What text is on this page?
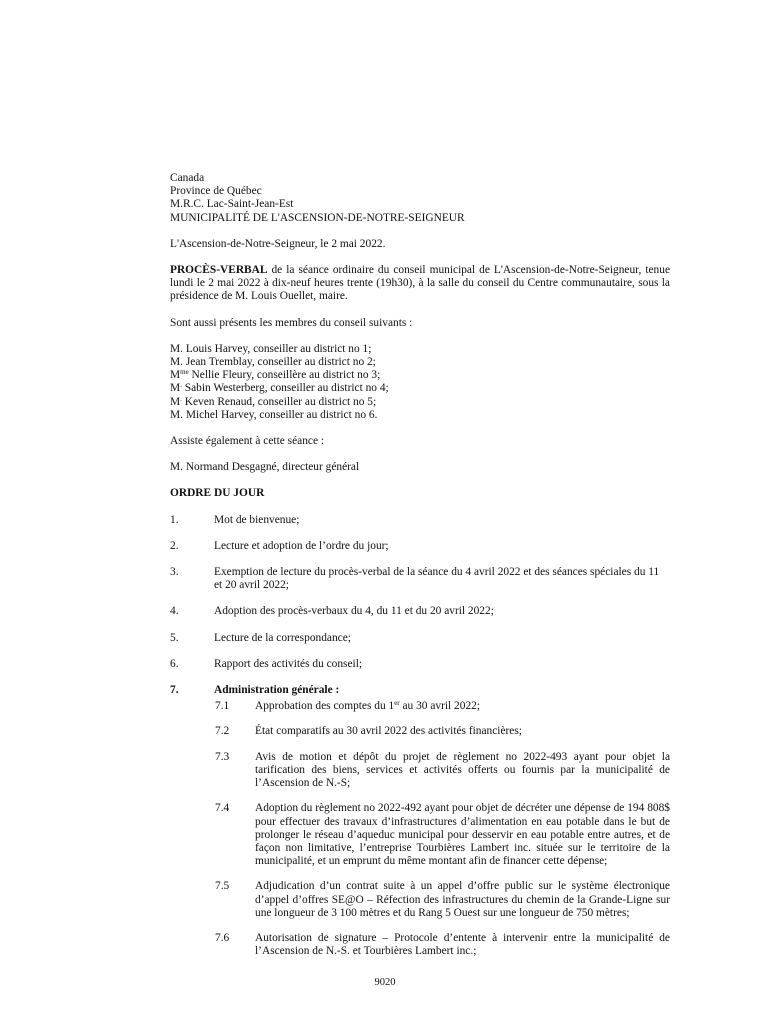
Canada
Province de Québec
M.R.C. Lac-Saint-Jean-Est
MUNICIPALITÉ DE L'ASCENSION-DE-NOTRE-SEIGNEUR
L'Ascension-de-Notre-Seigneur, le 2 mai 2022.
PROCÈS-VERBAL de la séance ordinaire du conseil municipal de L'Ascension-de-Notre-Seigneur, tenue lundi le 2 mai 2022 à dix-neuf heures trente (19h30), à la salle du conseil du Centre communautaire, sous la présidence de M. Louis Ouellet, maire.
Sont aussi présents les membres du conseil suivants :
M. Louis Harvey, conseiller au district no 1;
M. Jean Tremblay, conseiller au district no 2;
$M^{me}$ Nellie Fleury, conseillère au district no 3;
M. Sabin Westerberg, conseiller au district no 4;
M. Keven Renaud, conseiller au district no 5;
M. Michel Harvey, conseiller au district no 6.
Assiste également à cette séance :
M. Normand Desgagné, directeur général
ORDRE DU JOUR
1.	Mot de bienvenue;
2.	Lecture et adoption de l’ordre du jour;
3.	Exemption de lecture du procès-verbal de la séance du 4 avril 2022 et des séances spéciales du 11 et 20 avril 2022;
4.	Adoption des procès-verbaux du 4, du 11 et du 20 avril 2022;
5.	Lecture de la correspondance;
6.	Rapport des activités du conseil;
7.	Administration générale :
7.1 Approbation des comptes du 1er au 30 avril 2022;
7.2 État comparatifs au 30 avril 2022 des activités financières;
7.3 Avis de motion et dépôt du projet de règlement no 2022-493 ayant pour objet la tarification des biens, services et activités offerts ou fournis par la municipalité de l’Ascension de N.-S;
7.4 Adoption du règlement no 2022-492 ayant pour objet de décréter une dépense de 194 808$ pour effectuer des travaux d’infrastructures d’alimentation en eau potable dans le but de prolonger le réseau d’aqueduc municipal pour desservir en eau potable entre autres, et de façon non limitative, l’entreprise Tourbières Lambert inc. située sur le territoire de la municipalité, et un emprunt du même montant afin de financer cette dépense;
7.5 Adjudication d’un contrat suite à un appel d’offre public sur le système électronique d’appel d’offres SE@O – Réfection des infrastructures du chemin de la Grande-Ligne sur une longueur de 3 100 mètres et du Rang 5 Ouest sur une longueur de 750 mètres;
7.6 Autorisation de signature – Protocole d’entente à intervenir entre la municipalité de l’Ascension de N.-S. et Tourbières Lambert inc.;
9020
